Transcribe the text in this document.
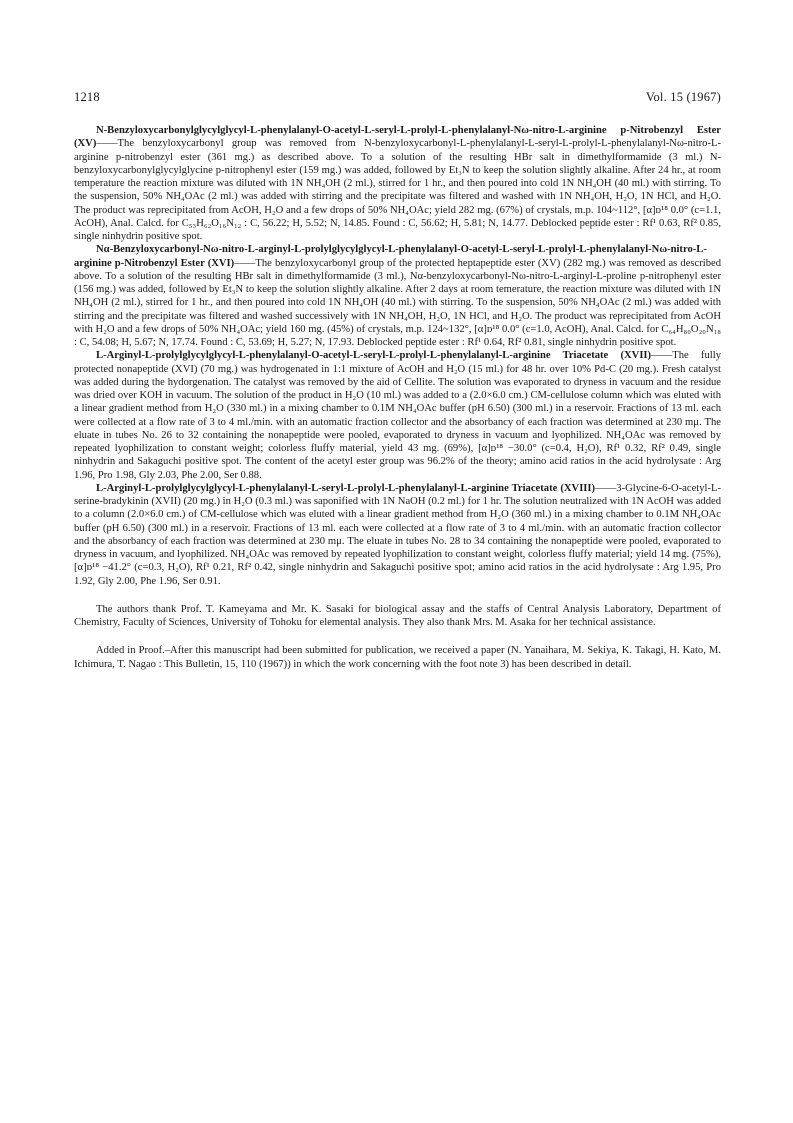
1218	Vol. 15 (1967)

N-Benzyloxycarbonylglycylglycyl-L-phenylalanyl-O-acetyl-L-seryl-L-prolyl-L-phenylalanyl-Nω-nitro-L-arginine p-Nitrobenzyl Ester (XV)——The benzyloxycarbonyl group was removed from N-benzyloxycarbonyl-L-phenylalanyl-L-seryl-L-prolyl-L-phenylalanyl-Nω-nitro-L-arginine p-nitrobenzyl ester (361 mg.) as described above. To a solution of the resulting HBr salt in dimethylformamide (3 ml.) N-benzyloxycarbonylglycylglycine p-nitrophenyl ester (159 mg.) was added, followed by Et₃N to keep the solution slightly alkaline. After 24 hr., at room temperature the reaction mixture was diluted with 1N NH₄OH (2 ml.), stirred for 1 hr., and then poured into cold 1N NH₄OH (40 ml.) with stirring. To the suspension, 50% NH₄OAc (2 ml.) was added with stirring and the precipitate was filtered and washed with 1N NH₄OH, H₂O, 1N HCl, and H₂O. The product was reprecipitated from AcOH, H₂O and a few drops of 50% NH₄OAc; yield 282 mg. (67%) of crystals, m.p. 104~112°, [α]ᴅ¹⁸ 0.0° (c=1.1, AcOH), Anal. Calcd. for C₅₃H₆₂O₁₆N₁₂ : C, 56.22; H, 5.52; N, 14.85. Found : C, 56.62; H, 5.81; N, 14.77. Deblocked peptide ester : Rf¹ 0.63, Rf² 0.85, single ninhydrin positive spot.

Nα-Benzyloxycarbonyl-Nω-nitro-L-arginyl-L-prolylglycylglycyl-L-phenylalanyl-O-acetyl-L-seryl-L-prolyl-L-phenylalanyl-Nω-nitro-L-arginine p-Nitrobenzyl Ester (XVI)——The benzyloxycarbonyl group of the protected heptapeptide ester (XV) (282 mg.) was removed as described above. To a solution of the resulting HBr salt in dimethylformamide (3 ml.), Nα-benzyloxycarbonyl-Nω-nitro-L-arginyl-L-proline p-nitrophenyl ester (156 mg.) was added, followed by Et₃N to keep the solution slightly alkaline. After 2 days at room temerature, the reaction mixture was diluted with 1N NH₄OH (2 ml.), stirred for 1 hr., and then poured into cold 1N NH₄OH (40 ml.) with stirring. To the suspension, 50% NH₄OAc (2 ml.) was added with stirring and the precipitate was filtered and washed successively with 1N NH₄OH, H₂O, 1N HCl, and H₂O. The product was reprecipitated from AcOH with H₂O and a few drops of 50% NH₄OAc; yield 160 mg. (45%) of crystals, m.p. 124~132°, [α]ᴅ¹⁸ 0.0° (c=1.0, AcOH), Anal. Calcd. for C₆₄H₈₀O₂₀N₁₈ : C, 54.08; H, 5.67; N, 17.74. Found : C, 53.69; H, 5.27; N, 17.93. Deblocked peptide ester : Rf¹ 0.64, Rf² 0.81, single ninhydrin positive spot.

L-Arginyl-L-prolylglycylglycyl-L-phenylalanyl-O-acetyl-L-seryl-L-prolyl-L-phenylalanyl-L-arginine Triacetate (XVII)——The fully protected nonapeptide (XVI) (70 mg.) was hydrogenated in 1:1 mixture of AcOH and H₂O (15 ml.) for 48 hr. over 10% Pd-C (20 mg.). Fresh catalyst was added during the hydorgenation. The catalyst was removed by the aid of Cellite. The solution was evaporated to dryness in vacuum and the residue was dried over KOH in vacuum. The solution of the product in H₂O (10 ml.) was added to a (2.0×6.0 cm.) CM-cellulose column which was eluted with a linear gradient method from H₂O (330 ml.) in a mixing chamber to 0.1M NH₄OAc buffer (pH 6.50) (300 ml.) in a reservoir. Fractions of 13 ml. each were collected at a flow rate of 3 to 4 ml./min. with an automatic fraction collector and the absorbancy of each fraction was determined at 230 mμ. The eluate in tubes No. 26 to 32 containing the nonapeptide were pooled, evaporated to dryness in vacuum and lyophilized. NH₄OAc was removed by repeated lyophilization to constant weight; colorless fluffy material, yield 43 mg. (69%), [α]ᴅ¹⁸ −30.0° (c=0.4, H₂O), Rf¹ 0.32, Rf² 0.49, single ninhydrin and Sakaguchi positive spot. The content of the acetyl ester group was 96.2% of the theory; amino acid ratios in the acid hydrolysate : Arg 1.96, Pro 1.98, Gly 2.03, Phe 2.00, Ser 0.88.

L-Arginyl-L-prolylglycylglycyl-L-phenylalanyl-L-seryl-L-prolyl-L-phenylalanyl-L-arginine Triacetate (XVIII)——3-Glycine-6-O-acetyl-L-serine-bradykinin (XVII) (20 mg.) in H₂O (0.3 ml.) was saponified with 1N NaOH (0.2 ml.) for 1 hr. The solution neutralized with 1N AcOH was added to a column (2.0×6.0 cm.) of CM-cellulose which was eluted with a linear gradient method from H₂O (360 ml.) in a mixing chamber to 0.1M NH₄OAc buffer (pH 6.50) (300 ml.) in a reservoir. Fractions of 13 ml. each were collected at a flow rate of 3 to 4 ml./min. with an automatic fraction collector and the absorbancy of each fraction was determined at 230 mμ. The eluate in tubes No. 28 to 34 containing the nonapeptide were pooled, evaporated to dryness in vacuum, and lyophilized. NH₄OAc was removed by repeated lyophilization to constant weight, colorless fluffy material; yield 14 mg. (75%), [α]ᴅ¹⁸ −41.2° (c=0.3, H₂O), Rf¹ 0.21, Rf² 0.42, single ninhydrin and Sakaguchi positive spot; amino acid ratios in the acid hydrolysate : Arg 1.95, Pro 1.92, Gly 2.00, Phe 1.96, Ser 0.91.

The authors thank Prof. T. Kameyama and Mr. K. Sasaki for biological assay and the staffs of Central Analysis Laboratory, Department of Chemistry, Faculty of Sciences, University of Tohoku for elemental analysis. They also thank Mrs. M. Asaka for her technical assistance.

Added in Proof.–After this manuscript had been submitted for publication, we received a paper (N. Yanaihara, M. Sekiya, K. Takagi, H. Kato, M. Ichimura, T. Nagao : This Bulletin, 15, 110 (1967)) in which the work concerning with the foot note 3) has been described in detail.
